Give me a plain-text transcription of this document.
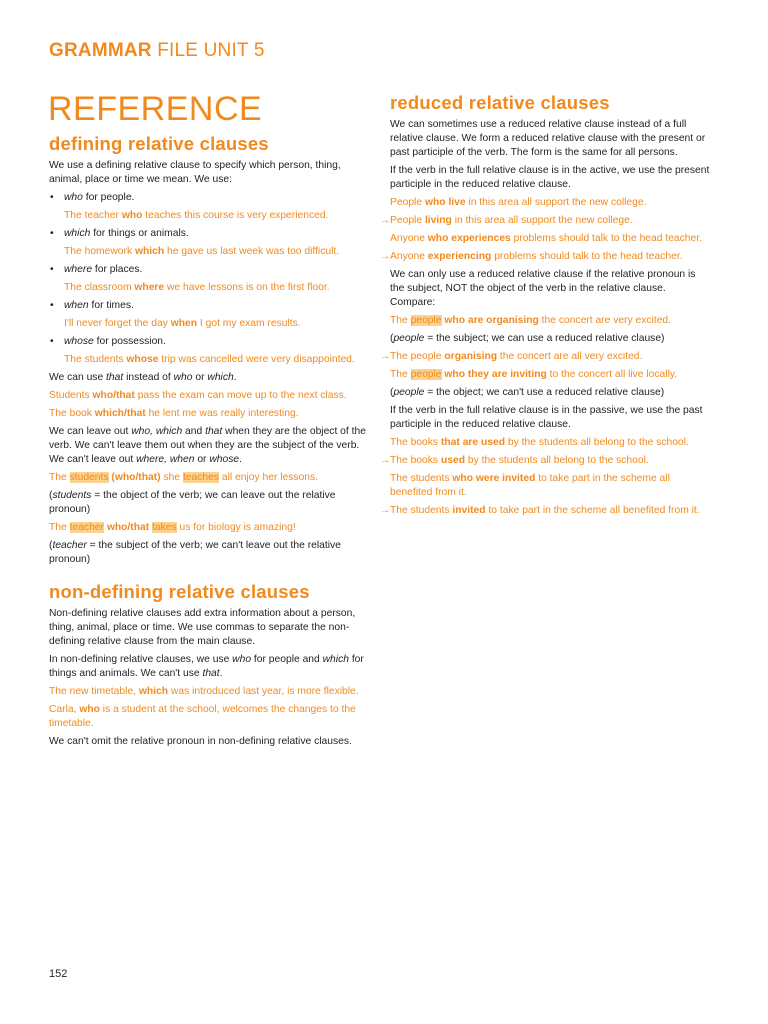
GRAMMAR FILE UNIT 5
REFERENCE
defining relative clauses

We use a defining relative clause to specify which person, thing, animal, place or time we mean. We use:

• who for people.
The teacher who teaches this course is very experienced.
• which for things or animals.
The homework which he gave us last week was too difficult.
• where for places.
The classroom where we have lessons is on the first floor.
• when for times.
I'll never forget the day when I got my exam results.
• whose for possession.
The students whose trip was cancelled were very disappointed.

We can use that instead of who or which.

Students who/that pass the exam can move up to the next class.
The book which/that he lent me was really interesting.

We can leave out who, which and that when they are the object of the verb. We can't leave them out when they are the subject of the verb. We can't leave out where, when or whose.

The students (who/that) she teaches all enjoy her lessons.

(students = the object of the verb; we can leave out the relative pronoun)

The teacher who/that takes us for biology is amazing!

(teacher = the subject of the verb; we can't leave out the relative pronoun)

non-defining relative clauses

Non-defining relative clauses add extra information about a person, thing, animal, place or time. We use commas to separate the non-defining relative clause from the main clause.

In non-defining relative clauses, we use who for people and which for things and animals. We can't use that.

The new timetable, which was introduced last year, is more flexible.
Carla, who is a student at the school, welcomes the changes to the timetable.

We can't omit the relative pronoun in non-defining relative clauses.

reduced relative clauses

We can sometimes use a reduced relative clause instead of a full relative clause. We form a reduced relative clause with the present or past participle of the verb. The form is the same for all persons.

If the verb in the full relative clause is in the active, we use the present participle in the reduced relative clause.

People who live in this area all support the new college.
→ People living in this area all support the new college.
Anyone who experiences problems should talk to the head teacher.
→ Anyone experiencing problems should talk to the head teacher.

We can only use a reduced relative clause if the relative pronoun is the subject, NOT the object of the verb in the relative clause. Compare:

The people who are organising the concert are very excited.

(people = the subject; we can use a reduced relative clause)

→ The people organising the concert are all very excited.
The people who they are inviting to the concert all live locally.

(people = the object; we can't use a reduced relative clause)

If the verb in the full relative clause is in the passive, we use the past participle in the reduced relative clause.

The books that are used by the students all belong to the school.
→ The books used by the students all belong to the school.
The students who were invited to take part in the scheme all benefited from it.
→ The students invited to take part in the scheme all benefited from it.
152
